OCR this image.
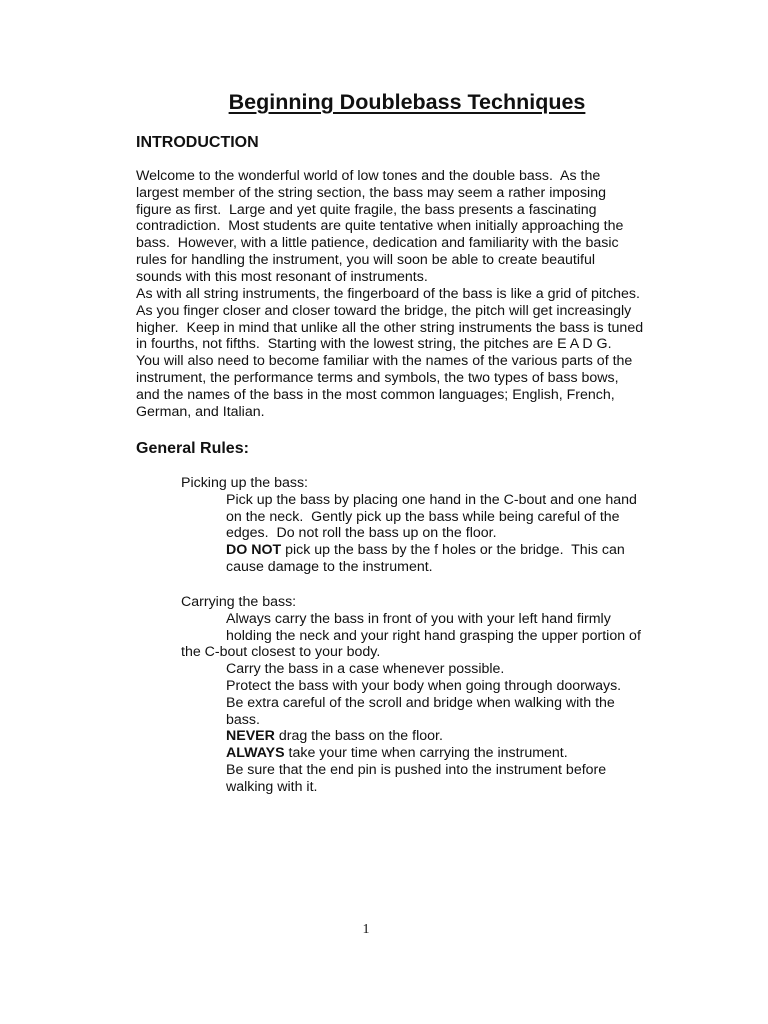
Beginning Doublebass Techniques
INTRODUCTION
Welcome to the wonderful world of low tones and the double bass.  As the
largest member of the string section, the bass may seem a rather imposing
figure as first.  Large and yet quite fragile, the bass presents a fascinating
contradiction.  Most students are quite tentative when initially approaching the
bass.  However, with a little patience, dedication and familiarity with the basic
rules for handling the instrument, you will soon be able to create beautiful
sounds with this most resonant of instruments.
As with all string instruments, the fingerboard of the bass is like a grid of pitches.
As you finger closer and closer toward the bridge, the pitch will get increasingly
higher.  Keep in mind that unlike all the other string instruments the bass is tuned
in fourths, not fifths.  Starting with the lowest string, the pitches are E A D G.
You will also need to become familiar with the names of the various parts of the
instrument, the performance terms and symbols, the two types of bass bows,
and the names of the bass in the most common languages; English, French,
German, and Italian.
General Rules:
Picking up the bass:
Pick up the bass by placing one hand in the C-bout and one hand
on the neck.  Gently pick up the bass while being careful of the
edges.  Do not roll the bass up on the floor.
DO NOT pick up the bass by the f holes or the bridge.  This can
cause damage to the instrument.
Carrying the bass:
Always carry the bass in front of you with your left hand firmly
holding the neck and your right hand grasping the upper portion of
the C-bout closest to your body.
Carry the bass in a case whenever possible.
Protect the bass with your body when going through doorways.
Be extra careful of the scroll and bridge when walking with the
bass.
NEVER drag the bass on the floor.
ALWAYS take your time when carrying the instrument.
Be sure that the end pin is pushed into the instrument before
walking with it.
1
